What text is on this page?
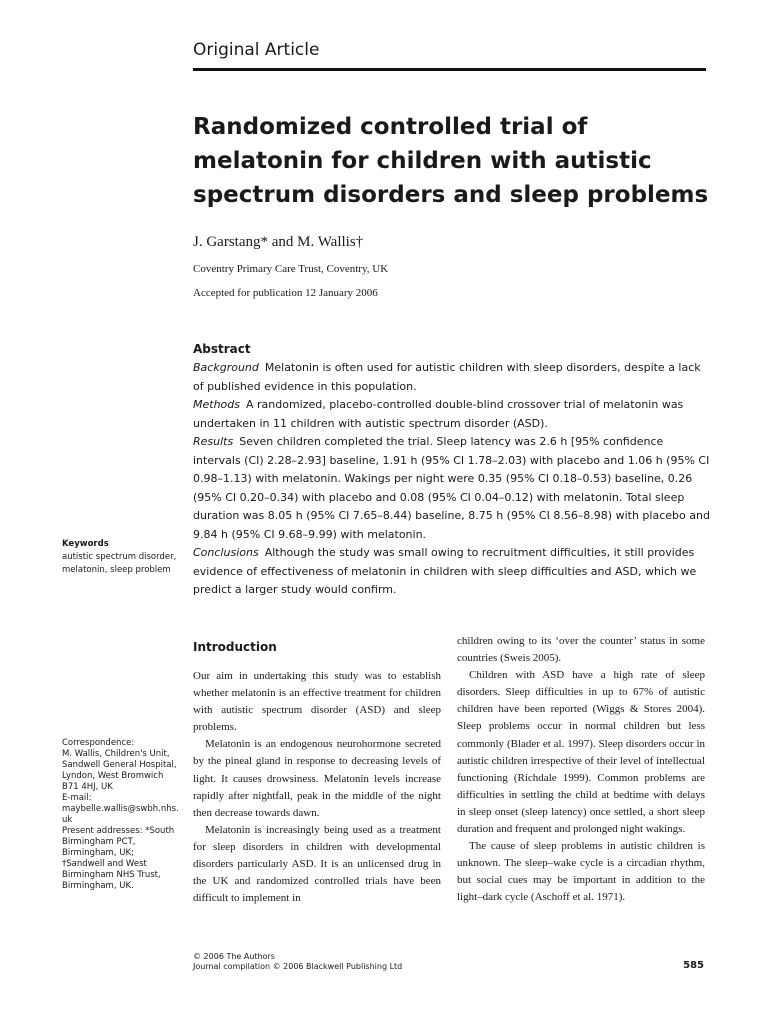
Original Article
Randomized controlled trial of melatonin for children with autistic spectrum disorders and sleep problems
J. Garstang* and M. Wallis†
Coventry Primary Care Trust, Coventry, UK
Accepted for publication 12 January 2006
Abstract

Background Melatonin is often used for autistic children with sleep disorders, despite a lack of published evidence in this population.

Methods A randomized, placebo-controlled double-blind crossover trial of melatonin was undertaken in 11 children with autistic spectrum disorder (ASD).

Results Seven children completed the trial. Sleep latency was 2.6 h [95% confidence intervals (CI) 2.28–2.93] baseline, 1.91 h (95% CI 1.78–2.03) with placebo and 1.06 h (95% CI 0.98–1.13) with melatonin. Wakings per night were 0.35 (95% CI 0.18–0.53) baseline, 0.26 (95% CI 0.20–0.34) with placebo and 0.08 (95% CI 0.04–0.12) with melatonin. Total sleep duration was 8.05 h (95% CI 7.65–8.44) baseline, 8.75 h (95% CI 8.56–8.98) with placebo and 9.84 h (95% CI 9.68–9.99) with melatonin.

Conclusions Although the study was small owing to recruitment difficulties, it still provides evidence of effectiveness of melatonin in children with sleep difficulties and ASD, which we predict a larger study would confirm.

Keywords
autistic spectrum disorder, melatonin, sleep problem
Correspondence:
M. Wallis, Children's Unit,
Sandwell General Hospital,
Lyndon, West Bromwich
B71 4HJ, UK
E-mail:
maybelle.wallis@swbh.nhs.
uk
Present addresses: *South
Birmingham PCT,
Birmingham, UK;
†Sandwell and West
Birmingham NHS Trust,
Birmingham, UK.
Introduction

Our aim in undertaking this study was to establish whether melatonin is an effective treatment for children with autistic spectrum disorder (ASD) and sleep problems.

Melatonin is an endogenous neurohormone secreted by the pineal gland in response to decreasing levels of light. It causes drowsiness. Melatonin levels increase rapidly after nightfall, peak in the middle of the night then decrease towards dawn.

Melatonin is increasingly being used as a treatment for sleep disorders in children with developmental disorders particularly ASD. It is an unlicensed drug in the UK and randomized controlled trials have been difficult to implement in

children owing to its ‘over the counter’ status in some countries (Sweis 2005).

Children with ASD have a high rate of sleep disorders. Sleep difficulties in up to 67% of autistic children have been reported (Wiggs & Stores 2004). Sleep problems occur in normal children but less commonly (Blader et al. 1997). Sleep disorders occur in autistic children irrespective of their level of intellectual functioning (Richdale 1999). Common problems are difficulties in settling the child at bedtime with delays in sleep onset (sleep latency) once settled, a short sleep duration and frequent and prolonged night wakings.

The cause of sleep problems in autistic children is unknown. The sleep–wake cycle is a circadian rhythm, but social cues may be important in addition to the light–dark cycle (Aschoff et al. 1971).

© 2006 The Authors
Journal compilation © 2006 Blackwell Publishing Ltd	585
